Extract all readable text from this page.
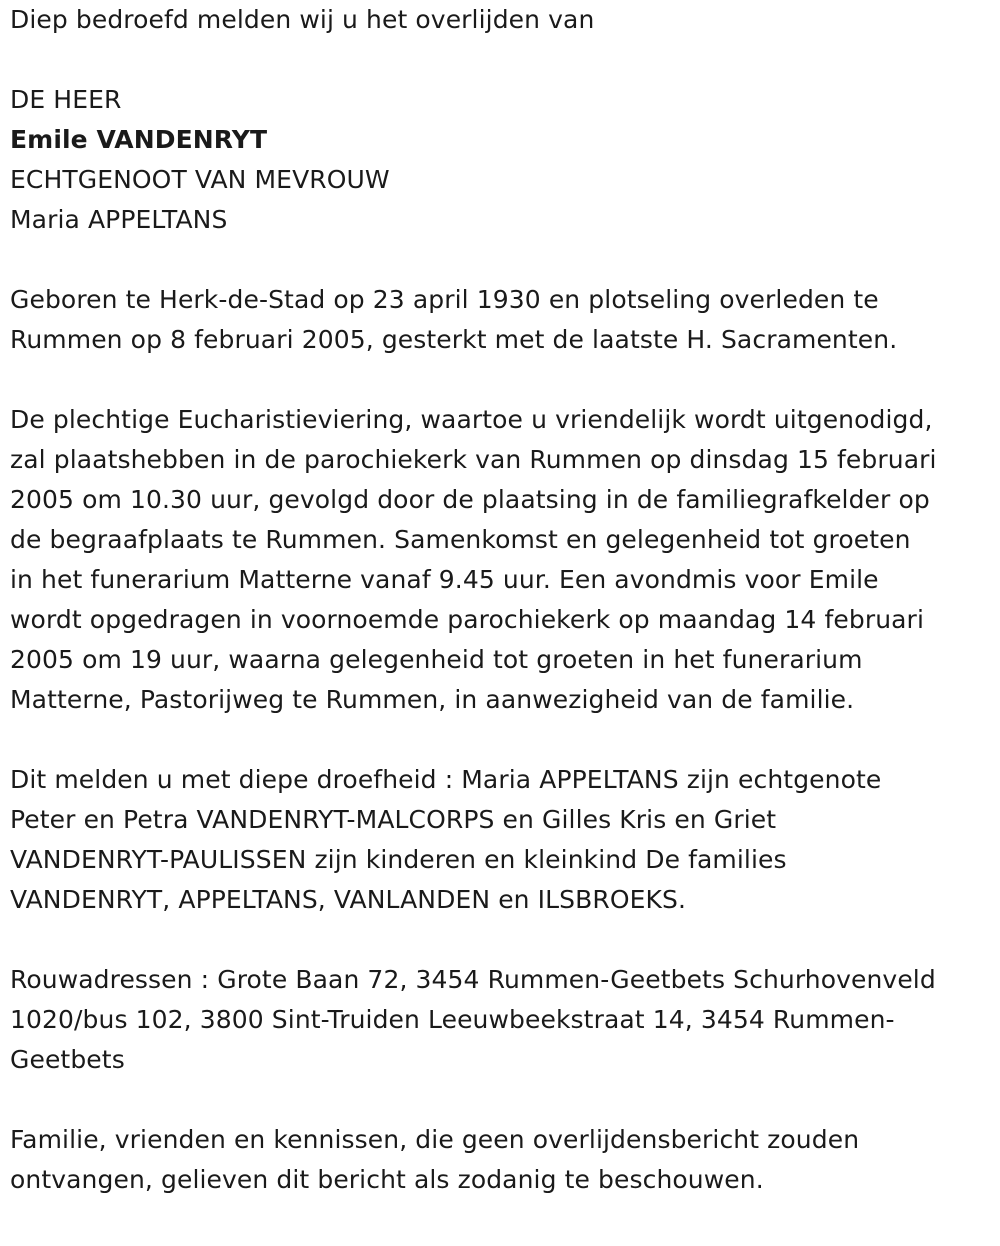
Diep bedroefd melden wij u het overlijden van
DE HEER
Emile VANDENRYT
ECHTGENOOT VAN MEVROUW
Maria APPELTANS
Geboren te Herk-de-Stad op 23 april 1930 en plotseling overleden te
Rummen op 8 februari 2005, gesterkt met de laatste H. Sacramenten.
De plechtige Eucharistieviering, waartoe u vriendelijk wordt uitgenodigd,
zal plaatshebben in de parochiekerk van Rummen op dinsdag 15 februari
2005 om 10.30 uur, gevolgd door de plaatsing in de familiegrafkelder op
de begraafplaats te Rummen. Samenkomst en gelegenheid tot groeten
in het funerarium Matterne vanaf 9.45 uur. Een avondmis voor Emile
wordt opgedragen in voornoemde parochiekerk op maandag 14 februari
2005 om 19 uur, waarna gelegenheid tot groeten in het funerarium
Matterne, Pastorijweg te Rummen, in aanwezigheid van de familie.
Dit melden u met diepe droefheid : Maria APPELTANS zijn echtgenote
Peter en Petra VANDENRYT-MALCORPS en Gilles Kris en Griet
VANDENRYT-PAULISSEN zijn kinderen en kleinkind De families
VANDENRYT, APPELTANS, VANLANDEN en ILSBROEKS.
Rouwadressen : Grote Baan 72, 3454 Rummen-Geetbets Schurhovenveld
1020/bus 102, 3800 Sint-Truiden Leeuwbeekstraat 14, 3454 Rummen-
Geetbets
Familie, vrienden en kennissen, die geen overlijdensbericht zouden
ontvangen, gelieven dit bericht als zodanig te beschouwen.
